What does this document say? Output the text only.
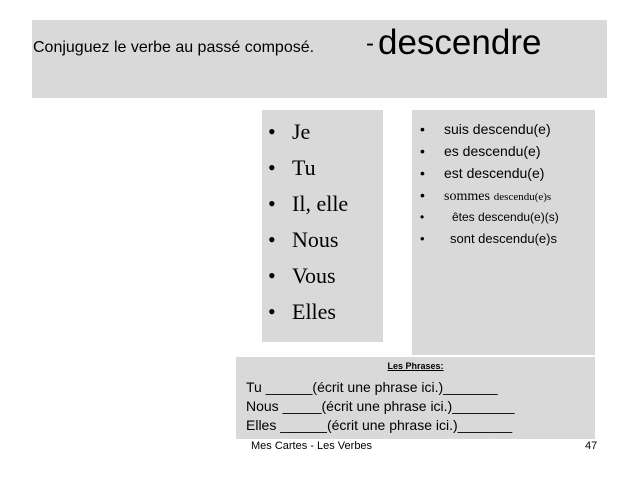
Conjuguez le verbe au passé composé. - descendre
• Je
• Tu
• Il, elle
• Nous
• Vous
• Elles
• suis descendu(e)
• es descendu(e)
• est descendu(e)
• sommes descendu(e)s
• êtes descendu(e)(s)
• sont descendu(e)s
Les Phrases:
Tu ______(écrit une phrase ici.)_______
Nous _____(écrit une phrase ici.)________
Elles ______(écrit une phrase ici.)_______
Mes Cartes - Les Verbes	47
